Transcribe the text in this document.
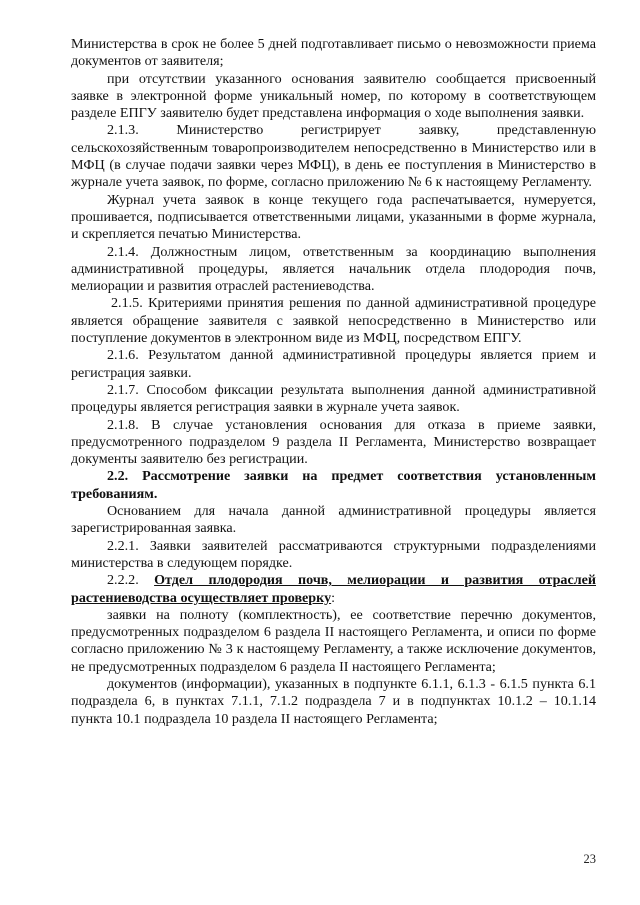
Министерства в срок не более 5 дней подготавливает письмо о невозможности приема документов от заявителя;

при отсутствии указанного основания заявителю сообщается присвоенный заявке в электронной форме уникальный номер, по которому в соответствующем разделе ЕПГУ заявителю будет представлена информация о ходе выполнения заявки.

2.1.3. Министерство регистрирует заявку, представленную сельскохозяйственным товаропроизводителем непосредственно в Министерство или в МФЦ (в случае подачи заявки через МФЦ), в день ее поступления в Министерство в журнале учета заявок, по форме, согласно приложению № 6 к настоящему Регламенту.

Журнал учета заявок в конце текущего года распечатывается, нумеруется, прошивается, подписывается ответственными лицами, указанными в форме журнала, и скрепляется печатью Министерства.

2.1.4. Должностным лицом, ответственным за координацию выполнения административной процедуры, является начальник отдела плодородия почв, мелиорации и развития отраслей растениеводства.

2.1.5. Критериями принятия решения по данной административной процедуре является обращение заявителя с заявкой непосредственно в Министерство или поступление документов в электронном виде из МФЦ, посредством ЕПГУ.

2.1.6. Результатом данной административной процедуры является прием и регистрация заявки.

2.1.7. Способом фиксации результата выполнения данной административной процедуры является регистрация заявки в журнале учета заявок.

2.1.8. В случае установления основания для отказа в приеме заявки, предусмотренного подразделом 9 раздела II Регламента, Министерство возвращает документы заявителю без регистрации.

2.2. Рассмотрение заявки на предмет соответствия установленным требованиям.

Основанием для начала данной административной процедуры является зарегистрированная заявка.

2.2.1. Заявки заявителей рассматриваются структурными подразделениями министерства в следующем порядке.

2.2.2. Отдел плодородия почв, мелиорации и развития отраслей растениеводства осуществляет проверку:

заявки на полноту (комплектность), ее соответствие перечню документов, предусмотренных подразделом 6 раздела II настоящего Регламента, и описи по форме согласно приложению № 3 к настоящему Регламенту, а также исключение документов, не предусмотренных подразделом 6 раздела II настоящего Регламента;

документов (информации), указанных в подпункте 6.1.1, 6.1.3 - 6.1.5 пункта 6.1 подраздела 6, в пунктах 7.1.1, 7.1.2 подраздела 7 и в подпунктах 10.1.2 – 10.1.14 пункта 10.1 подраздела 10 раздела II настоящего Регламента;

23
